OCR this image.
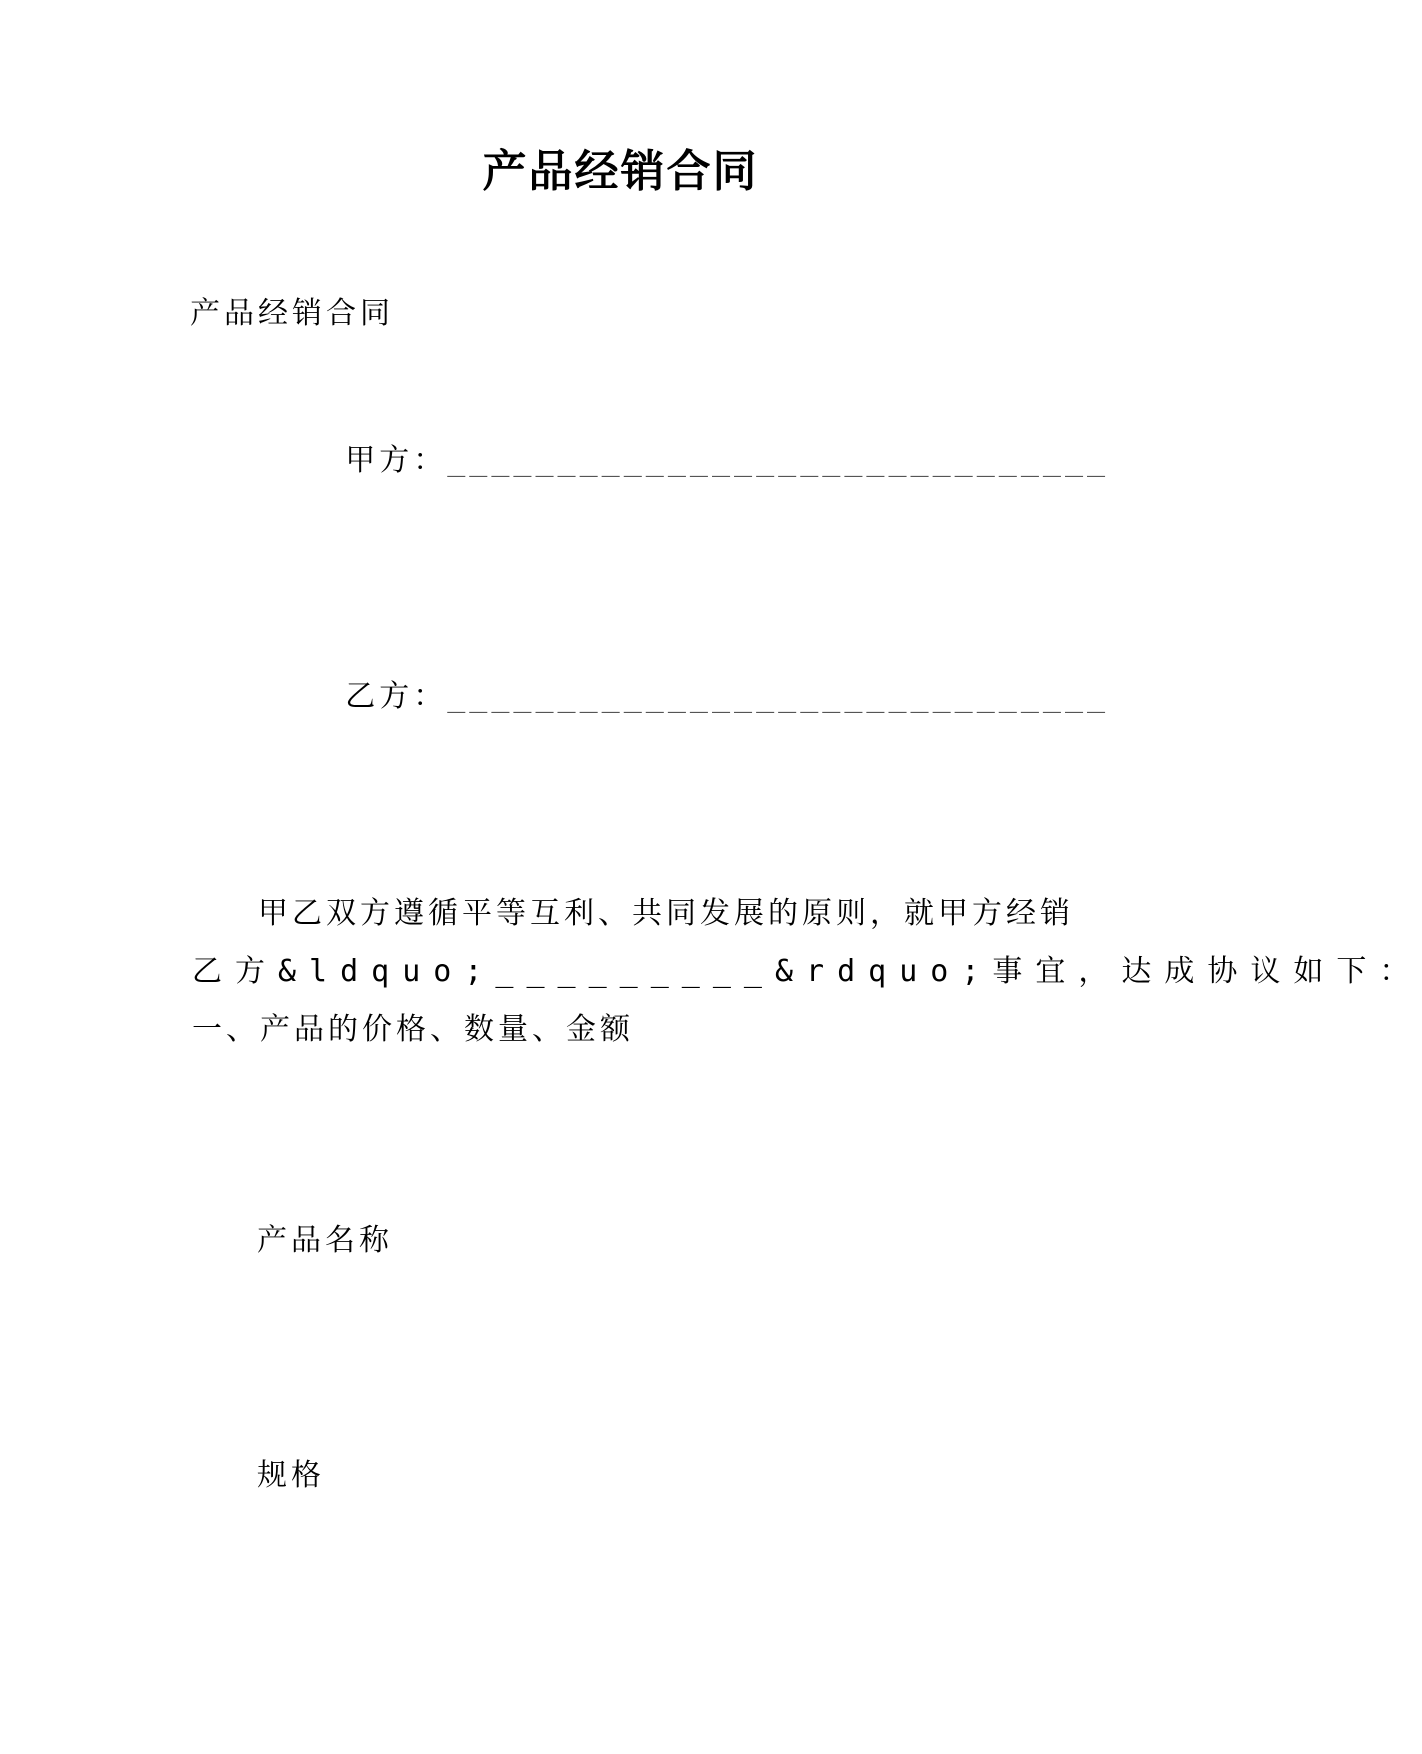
产品经销合同
产品经销合同

甲方：______________________________

乙方：______________________________

甲乙双方遵循平等互利、共同发展的原则，就甲方经销
乙方&ldquo;_________&rdquo;事宜，达成协议如下：
一、产品的价格、数量、金额
产品名称
规格
